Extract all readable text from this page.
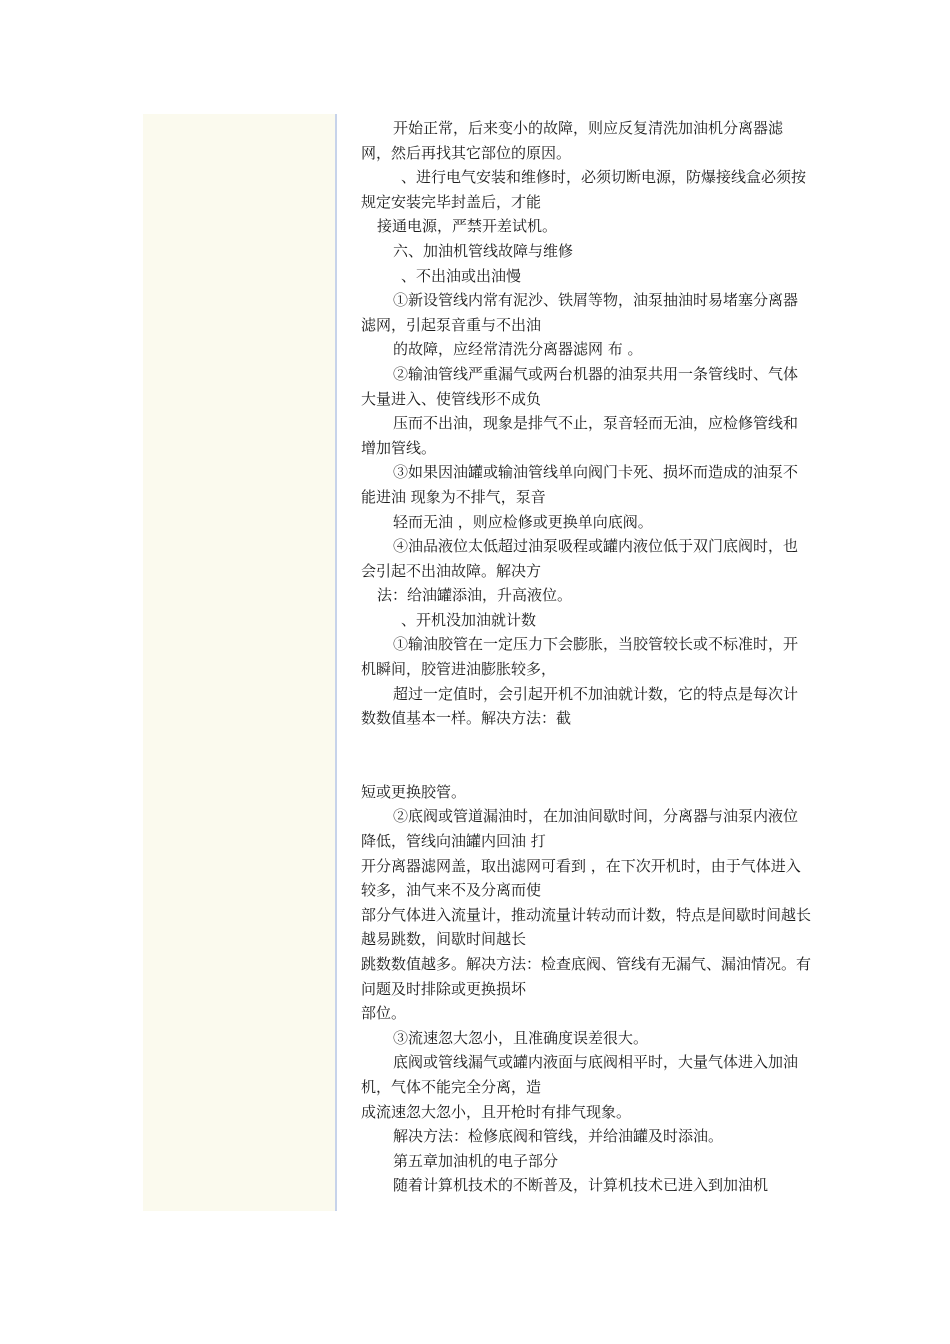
开始正常，后来变小的故障，则应反复清洗加油机分离器滤网，然后再找其它部位的原因。

、进行电气安装和维修时，必须切断电源，防爆接线盒必须按规定安装完毕封盖后，才能

接通电源，严禁开差试机。

六、加油机管线故障与维修

、不出油或出油慢

①新设管线内常有泥沙、铁屑等物，油泵抽油时易堵塞分离器滤网，引起泵音重与不出油

的故障，应经常清洗分离器滤网 布 。

②输油管线严重漏气或两台机器的油泵共用一条管线时、气体大量进入、使管线形不成负

压而不出油，现象是排气不止，泵音轻而无油，应检修管线和增加管线。

③如果因油罐或输油管线单向阀门卡死、损坏而造成的油泵不能进油 现象为不排气，泵音

轻而无油 ，则应检修或更换单向底阀。

④油品液位太低超过油泵吸程或罐内液位低于双门底阀时，也会引起不出油故障。解决方

法：给油罐添油，升高液位。

、开机没加油就计数

①输油胶管在一定压力下会膨胀，当胶管较长或不标准时，开机瞬间，胶管进油膨胀较多，

超过一定值时，会引起开机不加油就计数，它的特点是每次计数数值基本一样。解决方法：截

短或更换胶管。

②底阀或管道漏油时，在加油间歇时间，分离器与油泵内液位降低，管线向油罐内回油 打

开分离器滤网盖，取出滤网可看到 ，在下次开机时，由于气体进入较多，油气来不及分离而使

部分气体进入流量计，推动流量计转动而计数，特点是间歇时间越长越易跳数，间歇时间越长

跳数数值越多。解决方法：检查底阀、管线有无漏气、漏油情况。有问题及时排除或更换损坏

部位。

③流速忽大忽小，且准确度误差很大。

底阀或管线漏气或罐内液面与底阀相平时，大量气体进入加油机，气体不能完全分离，造

成流速忽大忽小，且开枪时有排气现象。

解决方法：检修底阀和管线，并给油罐及时添油。

第五章加油机的电子部分

随着计算机技术的不断普及，计算机技术已进入到加油机
